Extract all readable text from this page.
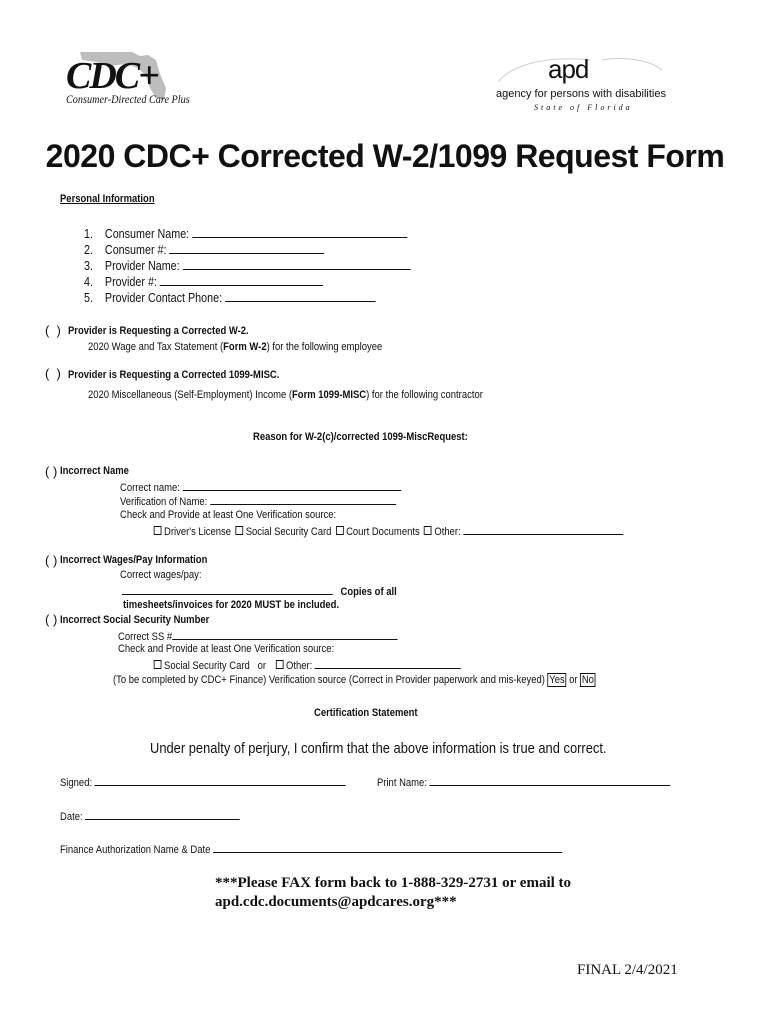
CDC+
Consumer-Directed Care Plus
apd
agency for persons with disabilities
State of Florida
2020 CDC+ Corrected W-2/1099 Request Form
Personal Information
1. Consumer Name:
2. Consumer #:
3. Provider Name:
4. Provider #:
5. Provider Contact Phone:
(  ) Provider is Requesting a Corrected W-2.
2020 Wage and Tax Statement (Form W-2) for the following employee
(  ) Provider is Requesting a Corrected 1099-MISC.
2020 Miscellaneous (Self-Employment) Income (Form 1099-MISC) for the following contractor
Reason for W-2(c)/corrected 1099-MiscRequest:
( ) Incorrect Name
Correct name:
Verification of Name:
Check and Provide at least One Verification source:
Driver's License Social Security Card Court Documents Other:
( ) Incorrect Wages/Pay Information
Correct wages/pay:
Copies of all
timesheets/invoices for 2020 MUST be included.
( ) Incorrect Social Security Number
Correct SS #
Check and Provide at least One Verification source:
Social Security Card or Other:
(To be completed by CDC+ Finance) Verification source (Correct in Provider paperwork and mis-keyed) Yes or No
Certification Statement
Under penalty of perjury, I confirm that the above information is true and correct.
Signed:	Print Name:
Date:
Finance Authorization Name & Date
***Please FAX form back to 1-888-329-2731 or email to
apd.cdc.documents@apdcares.org***
FINAL 2/4/2021
